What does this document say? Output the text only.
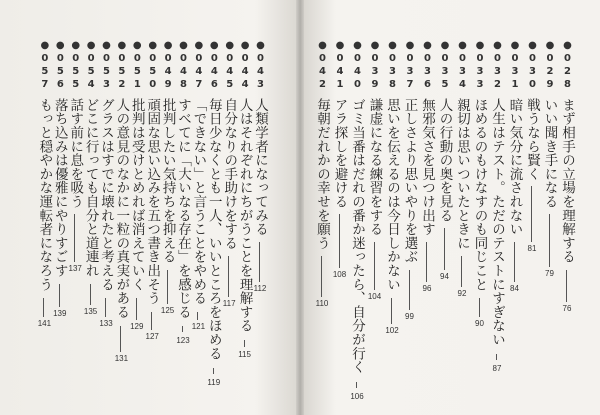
●043
人類学者になってみる
112
●044
人はそれぞれにちがうことを理解する
115
●045
自分なりの手助けをする
117
●046
毎日少なくとも一人、いいところをほめる
119
●047
「できない」と言うことをやめる
121
●048
すべてに「大いなる存在」を感じる
123
●049
批判したい気持ちを抑える
125
●050
頑固な思い込みを五つ書き出そう
127
●051
批判は受けとめれば消えていく
129
●052
人の意見のなかに一粒の真実がある
131
●053
グラスはすでに壊れたと考える
133
●054
どこに行っても自分と道連れ
135
●055
話す前に息を吸う
137
●056
落ち込みは優雅にやりすごす
139
●057
もっと穏やかな運転者になろう
141
●028
まず相手の立場を理解する
76
●029
いい聞き手になる
79
●030
戦うなら賢く
81
●031
暗い気分に流されない
84
●032
人生はテスト。ただのテストにすぎない
87
●033
ほめるのもけなすのも同じこと
90
●034
親切は思いついたときに
92
●035
人の行動の奥を見る
94
●036
無邪気さを見つけ出す
96
●037
正しさより思いやりを選ぶ
99
●038
思いを伝えるのは今日しかない
102
●039
謙虚になる練習をする
104
●040
ゴミ当番はだれの番か迷ったら、自分が行く
106
●041
アラ探しを避ける
108
●042
毎朝だれかの幸せを願う
110
